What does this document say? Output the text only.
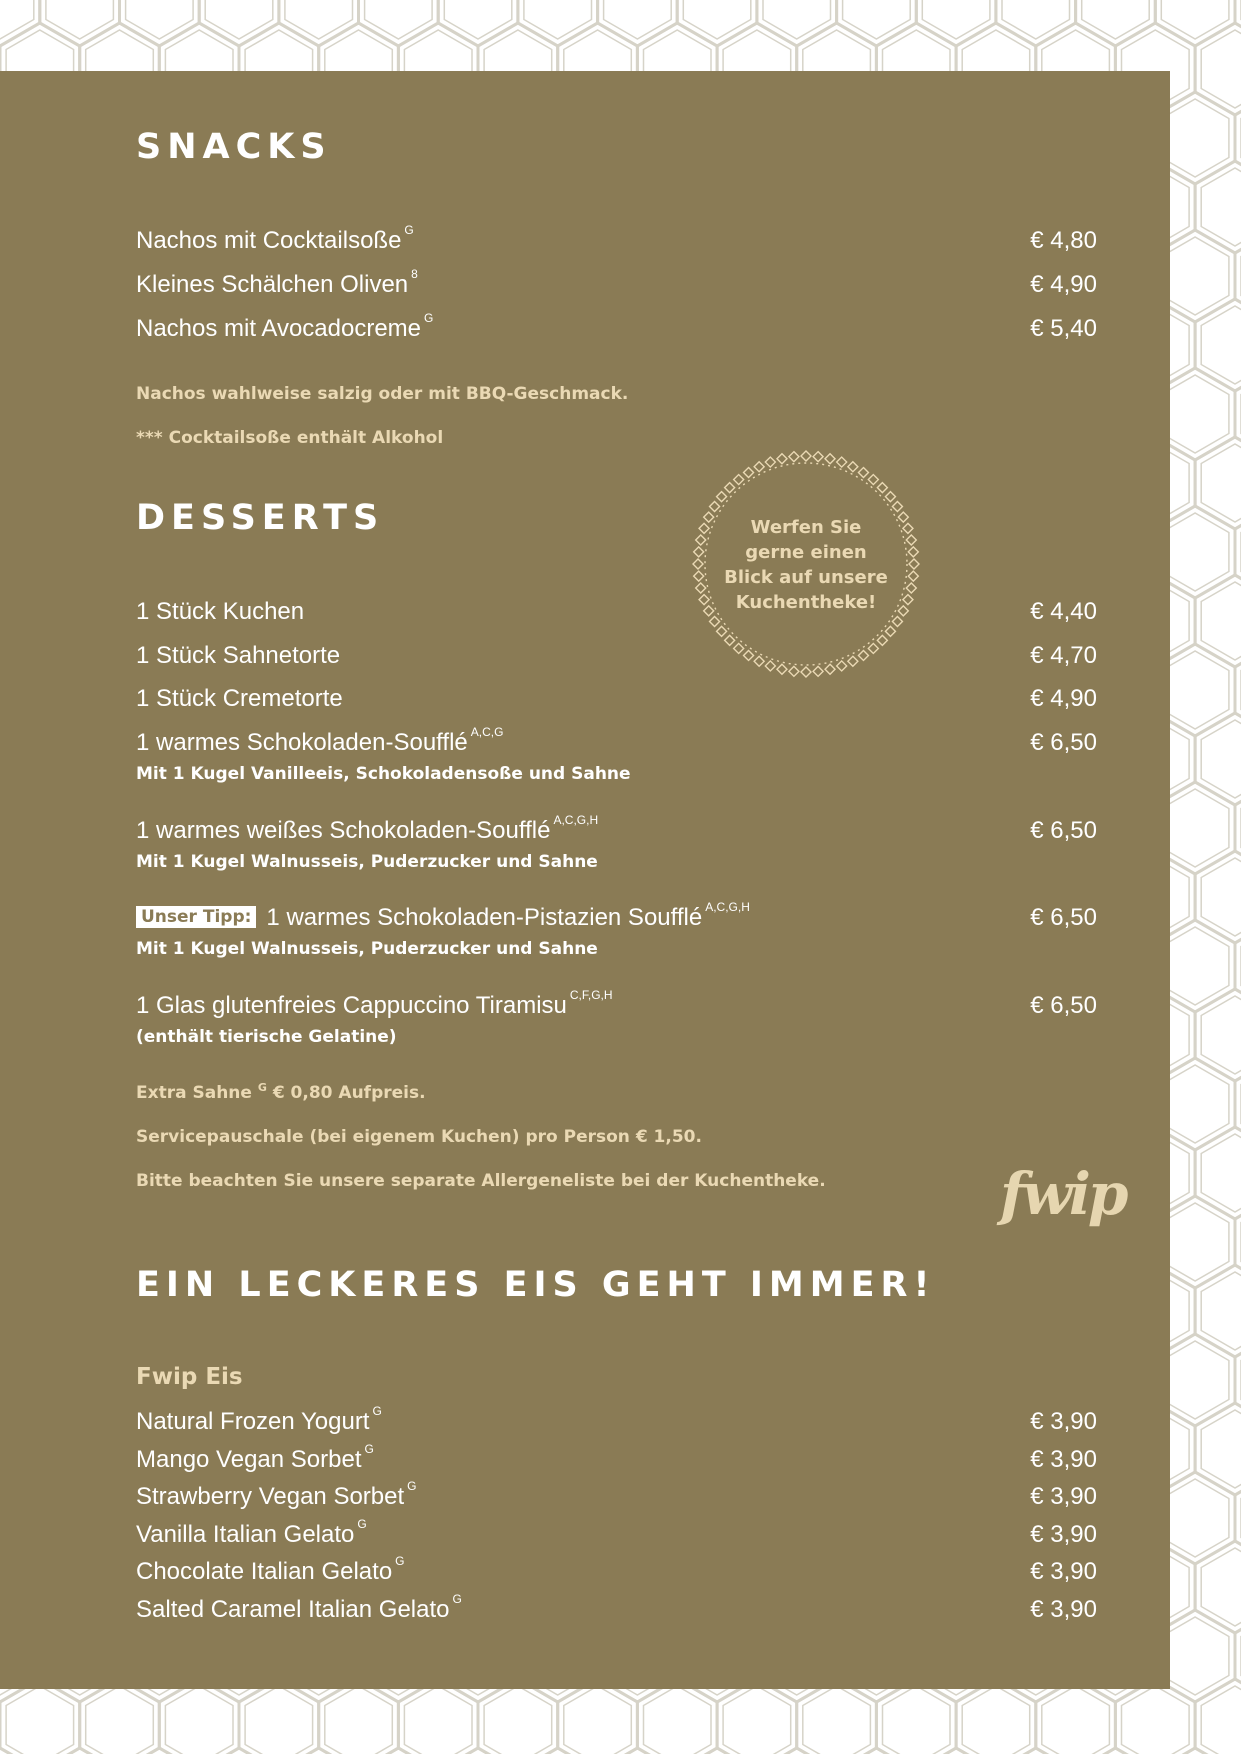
SNACKS
Nachos mit Cocktailsoße $^G$	€ 4,80
Kleines Schälchen Oliven $^8$	€ 4,90
Nachos mit Avocadocreme $^G$	€ 5,40
Nachos wahlweise salzig oder mit BBQ-Geschmack.
*** Cocktailsoße enthält Alkohol
DESSERTS
1 Stück Kuchen	€ 4,40
1 Stück Sahnetorte	€ 4,70
1 Stück Cremetorte	€ 4,90
1 warmes Schokoladen-Soufflé $^{A,C,G}$	€ 6,50
Mit 1 Kugel Vanilleeis, Schokoladensoße und Sahne
1 warmes weißes Schokoladen-Soufflé $^{A,C,G,H}$	€ 6,50
Mit 1 Kugel Walnusseis, Puderzucker und Sahne
Unser Tipp: 1 warmes Schokoladen-Pistazien Soufflé $^{A,C,G,H}$	€ 6,50
Mit 1 Kugel Walnusseis, Puderzucker und Sahne
1 Glas glutenfreies Cappuccino Tiramisu $^{C,F,G,H}$	€ 6,50
(enthält tierische Gelatine)
Extra Sahne $^G$ € 0,80 Aufpreis.
Servicepauschale (bei eigenem Kuchen) pro Person € 1,50.
Bitte beachten Sie unsere separate Allergeneliste bei der Kuchentheke.
EIN LECKERES EIS GEHT IMMER!
Fwip Eis
Natural Frozen Yogurt $^G$	€ 3,90
Mango Vegan Sorbet $^G$	€ 3,90
Strawberry Vegan Sorbet $^G$	€ 3,90
Vanilla Italian Gelato $^G$	€ 3,90
Chocolate Italian Gelato $^G$	€ 3,90
Salted Caramel Italian Gelato $^G$	€ 3,90
Werfen Sie
gerne einen
Blick auf unsere
Kuchentheke!
fwip
